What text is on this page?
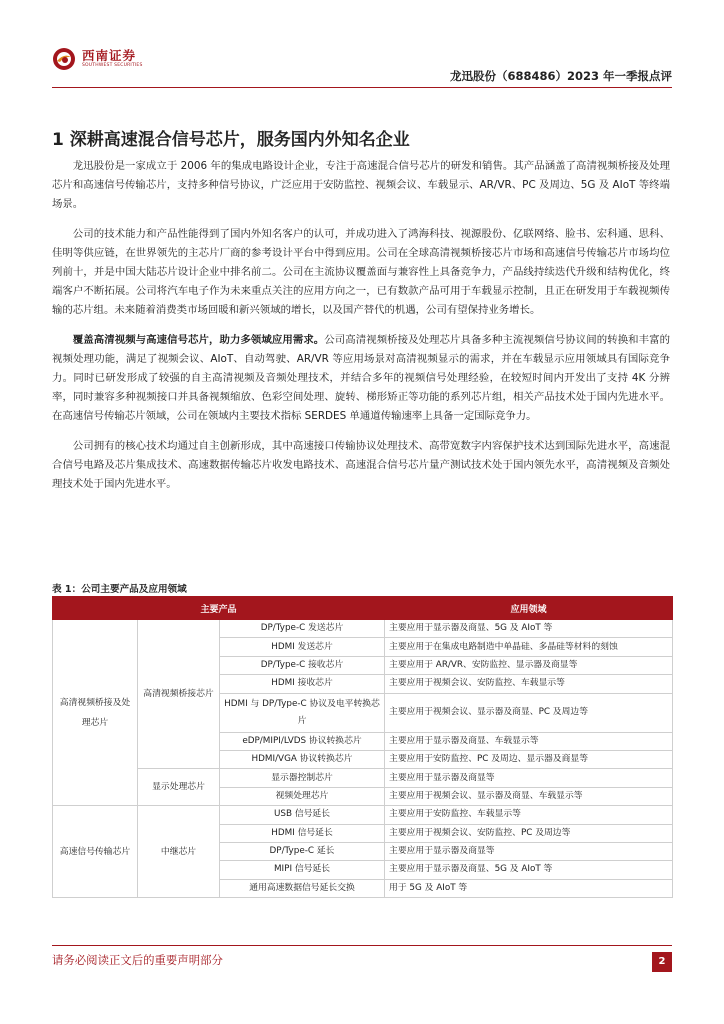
西南证券
SOUTHWEST SECURITIES
龙迅股份（688486）2023 年一季报点评
1 深耕高速混合信号芯片，服务国内外知名企业

龙迅股份是一家成立于 2006 年的集成电路设计企业，专注于高速混合信号芯片的研发和销售。其产品涵盖了高清视频桥接及处理芯片和高速信号传输芯片，支持多种信号协议，广泛应用于安防监控、视频会议、车载显示、AR/VR、PC 及周边、5G 及 AIoT 等终端场景。

公司的技术能力和产品性能得到了国内外知名客户的认可，并成功进入了鸿海科技、视源股份、亿联网络、脸书、宏科通、思科、佳明等供应链，在世界领先的主芯片厂商的参考设计平台中得到应用。公司在全球高清视频桥接芯片市场和高速信号传输芯片市场均位列前十，并是中国大陆芯片设计企业中排名前二。公司在主流协议覆盖面与兼容性上具备竞争力，产品线持续迭代升级和结构优化，终端客户不断拓展。公司将汽车电子作为未来重点关注的应用方向之一，已有数款产品可用于车载显示控制，且正在研发用于车载视频传输的芯片组。未来随着消费类市场回暖和新兴领域的增长，以及国产替代的机遇，公司有望保持业务增长。

覆盖高清视频与高速信号芯片，助力多领域应用需求。公司高清视频桥接及处理芯片具备多种主流视频信号协议间的转换和丰富的视频处理功能，满足了视频会议、AIoT、自动驾驶、AR/VR 等应用场景对高清视频显示的需求，并在车载显示应用领域具有国际竞争力。同时已研发形成了较强的自主高清视频及音频处理技术，并结合多年的视频信号处理经验，在较短时间内开发出了支持 4K 分辨率，同时兼容多种视频接口并具备视频缩放、色彩空间处理、旋转、梯形矫正等功能的系列芯片组，相关产品技术处于国内先进水平。在高速信号传输芯片领域，公司在领域内主要技术指标 SERDES 单通道传输速率上具备一定国际竞争力。

公司拥有的核心技术均通过自主创新形成，其中高速接口传输协议处理技术、高带宽数字内容保护技术达到国际先进水平，高速混合信号电路及芯片集成技术、高速数据传输芯片收发电路技术、高速混合信号芯片量产测试技术处于国内领先水平，高清视频及音频处理技术处于国内先进水平。

表 1：公司主要产品及应用领域
主要产品			应用领域
高清视频桥接及处理芯片	高清视频桥接芯片	DP/Type-C 发送芯片	主要应用于显示器及商显、5G 及 AIoT 等
		HDMI 发送芯片	主要应用于在集成电路制造中单晶硅、多晶硅等材料的刻蚀
		DP/Type-C 接收芯片	主要应用于 AR/VR、安防监控、显示器及商显等
		HDMI 接收芯片	主要应用于视频会议、安防监控、车载显示等
		HDMI 与 DP/Type-C 协议及电平转换芯片	主要应用于视频会议、显示器及商显、PC 及周边等
		eDP/MIPI/LVDS 协议转换芯片	主要应用于显示器及商显、车载显示等
		HDMI/VGA 协议转换芯片	主要应用于安防监控、PC 及周边、显示器及商显等
	显示处理芯片	显示器控制芯片	主要应用于显示器及商显等
		视频处理芯片	主要应用于视频会议、显示器及商显、车载显示等
高速信号传输芯片	中继芯片	USB 信号延长	主要应用于安防监控、车载显示等
		HDMI 信号延长	主要应用于视频会议、安防监控、PC 及周边等
		DP/Type-C 延长	主要应用于显示器及商显等
		MIPI 信号延长	主要应用于显示器及商显、5G 及 AIoT 等
		通用高速数据信号延长交换	用于 5G 及 AIoT 等
请务必阅读正文后的重要声明部分	2
